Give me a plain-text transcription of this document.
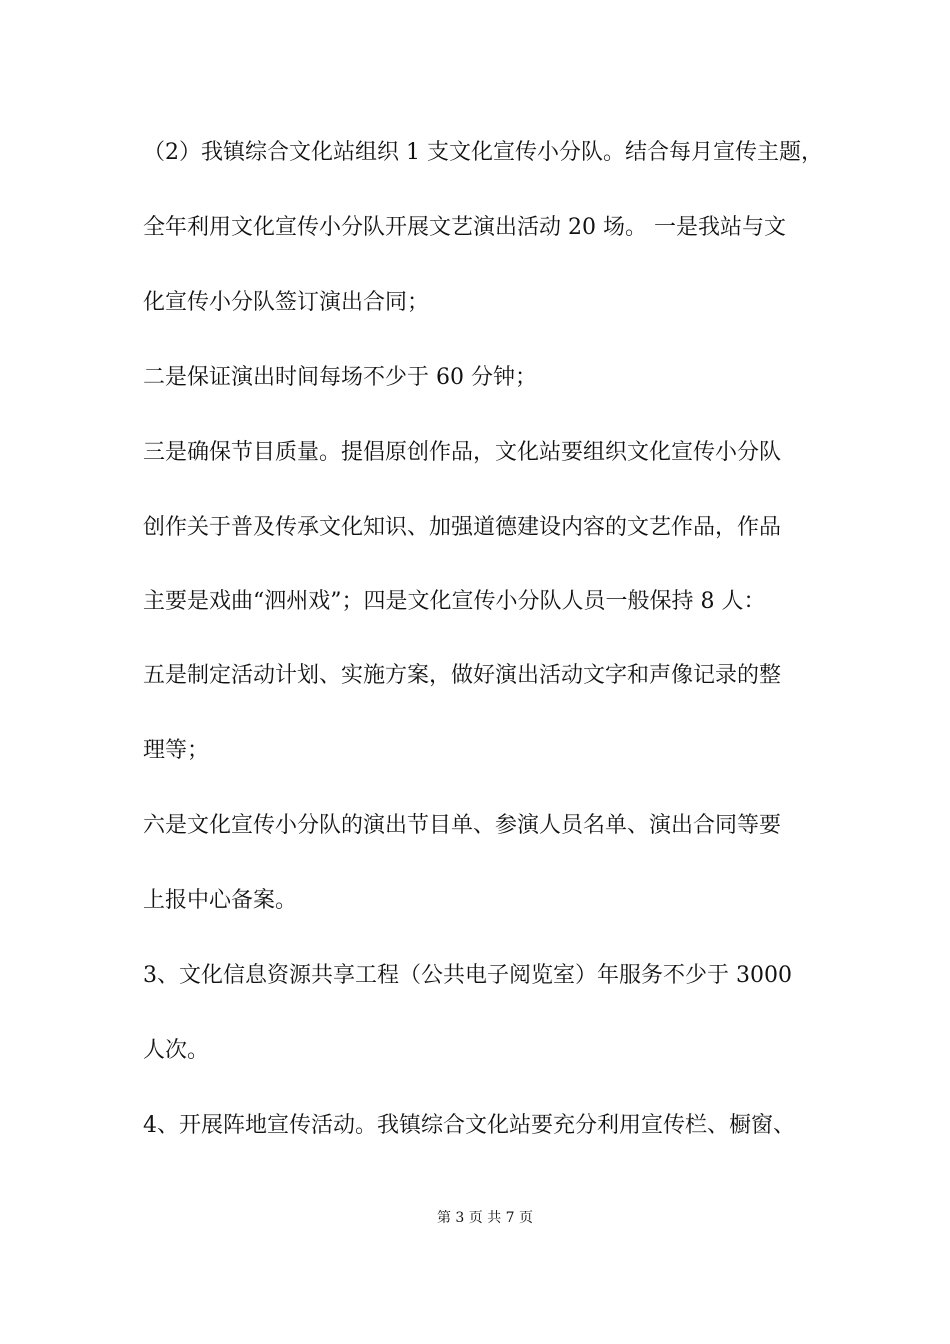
（2）我镇综合文化站组织 1 支文化宣传小分队。结合每月宣传主题，
全年利用文化宣传小分队开展文艺演出活动 20 场。 一是我站与文
化宣传小分队签订演出合同；
二是保证演出时间每场不少于 60 分钟；
三是确保节目质量。提倡原创作品，文化站要组织文化宣传小分队
创作关于普及传承文化知识、加强道德建设内容的文艺作品，作品
主要是戏曲“泗州戏”；四是文化宣传小分队人员一般保持 8 人：
五是制定活动计划、实施方案，做好演出活动文字和声像记录的整
理等；
六是文化宣传小分队的演出节目单、参演人员名单、演出合同等要
上报中心备案。
3、文化信息资源共享工程（公共电子阅览室）年服务不少于 3000
人次。
4、开展阵地宣传活动。我镇综合文化站要充分利用宣传栏、橱窗、
第 3 页 共 7 页
